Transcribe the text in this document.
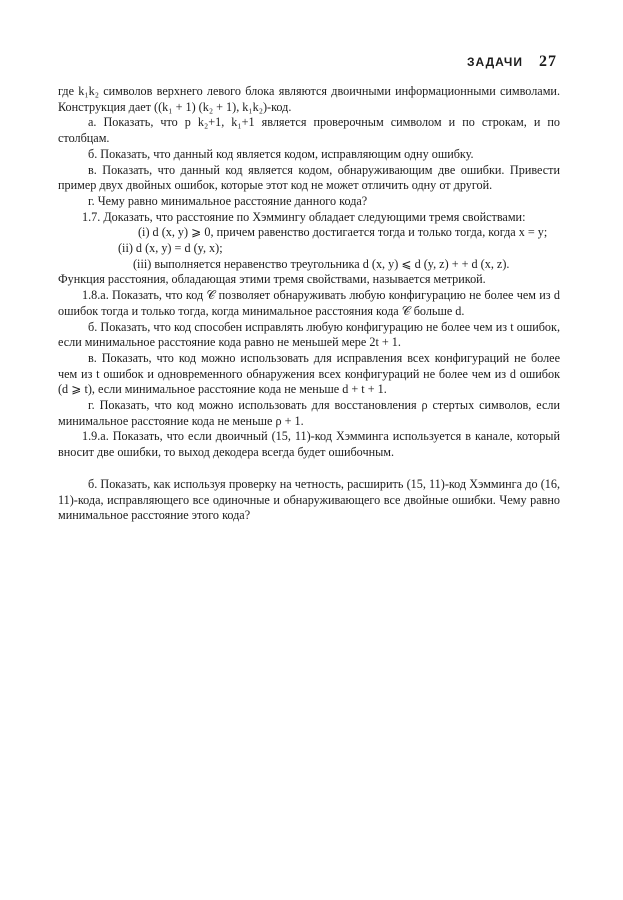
ЗАДАЧИ 27

где k₁k₂ символов верхнего левого блока являются двоичными информационными символами. Конструкция дает ((k₁ + 1) (k₂ + 1), k₁k₂)-код.

а. Показать, что p k₂+1, k₁+1 является проверочным символом и по строкам, и по столбцам.

б. Показать, что данный код является кодом, исправляющим одну ошибку.

в. Показать, что данный код является кодом, обнаруживающим две ошибки. Привести пример двух двойных ошибок, которые этот код не может отличить одну от другой.

г. Чему равно минимальное расстояние данного кода?

1.7. Доказать, что расстояние по Хэммингу обладает следующими тремя свойствами:

(i) d (x, y) ⩾ 0, причем равенство достигается тогда и только тогда, когда x = y;

(ii) d (x, y) = d (y, x);

(iii) выполняется неравенство треугольника d (x, y) ⩽ d (y, z) + + d (x, z).

Функция расстояния, обладающая этими тремя свойствами, называется метрикой.

1.8.а. Показать, что код 𝒞 позволяет обнаруживать любую конфигурацию не более чем из d ошибок тогда и только тогда, когда минимальное расстояния кода 𝒞 больше d.

б. Показать, что код способен исправлять любую конфигурацию не более чем из t ошибок, если минимальное расстояние кода равно не меньшей мере 2t + 1.

в. Показать, что код можно использовать для исправления всех конфигураций не более чем из t ошибок и одновременного обнаружения всех конфигураций не более чем из d ошибок (d ⩾ t), если минимальное расстояние кода не меньше d + t + 1.

г. Показать, что код можно использовать для восстановления ρ стертых символов, если минимальное расстояние кода не меньше ρ + 1.

1.9.а. Показать, что если двоичный (15, 11)-код Хэмминга используется в канале, который вносит две ошибки, то выход декодера всегда будет ошибочным.

б. Показать, как используя проверку на четность, расширить (15, 11)-код Хэмминга до (16, 11)-кода, исправляющего все одиночные и обнаруживающего все двойные ошибки. Чему равно минимальное расстояние этого кода?
